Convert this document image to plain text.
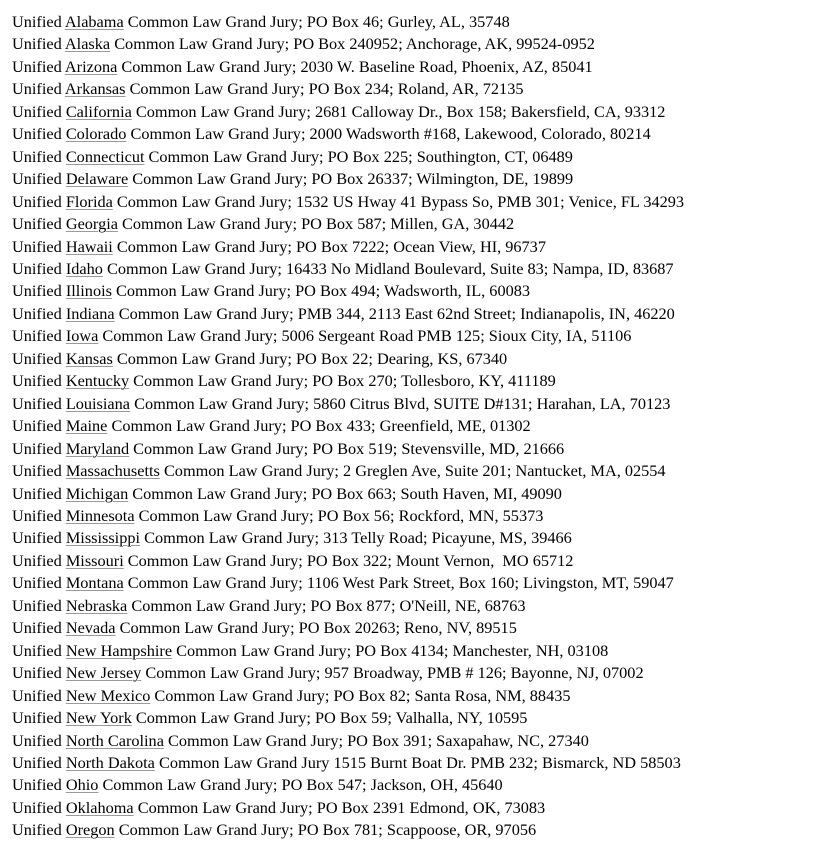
Unified Alabama Common Law Grand Jury; PO Box 46; Gurley, AL, 35748
Unified Alaska Common Law Grand Jury; PO Box 240952; Anchorage, AK, 99524-0952
Unified Arizona Common Law Grand Jury; 2030 W. Baseline Road, Phoenix, AZ, 85041
Unified Arkansas Common Law Grand Jury; PO Box 234; Roland, AR, 72135
Unified California Common Law Grand Jury; 2681 Calloway Dr., Box 158; Bakersfield, CA, 93312
Unified Colorado Common Law Grand Jury; 2000 Wadsworth #168, Lakewood, Colorado, 80214
Unified Connecticut Common Law Grand Jury; PO Box 225; Southington, CT, 06489
Unified Delaware Common Law Grand Jury; PO Box 26337; Wilmington, DE, 19899
Unified Florida Common Law Grand Jury; 1532 US Hway 41 Bypass So, PMB 301; Venice, FL 34293
Unified Georgia Common Law Grand Jury; PO Box 587; Millen, GA, 30442
Unified Hawaii Common Law Grand Jury; PO Box 7222; Ocean View, HI, 96737
Unified Idaho Common Law Grand Jury; 16433 No Midland Boulevard, Suite 83; Nampa, ID, 83687
Unified Illinois Common Law Grand Jury; PO Box 494; Wadsworth, IL, 60083
Unified Indiana Common Law Grand Jury; PMB 344, 2113 East 62nd Street; Indianapolis, IN, 46220
Unified Iowa Common Law Grand Jury; 5006 Sergeant Road PMB 125; Sioux City, IA, 51106
Unified Kansas Common Law Grand Jury; PO Box 22; Dearing, KS, 67340
Unified Kentucky Common Law Grand Jury; PO Box 270; Tollesboro, KY, 411189
Unified Louisiana Common Law Grand Jury; 5860 Citrus Blvd, SUITE D#131; Harahan, LA, 70123
Unified Maine Common Law Grand Jury; PO Box 433; Greenfield, ME, 01302
Unified Maryland Common Law Grand Jury; PO Box 519; Stevensville, MD, 21666
Unified Massachusetts Common Law Grand Jury; 2 Greglen Ave, Suite 201; Nantucket, MA, 02554
Unified Michigan Common Law Grand Jury; PO Box 663; South Haven, MI, 49090
Unified Minnesota Common Law Grand Jury; PO Box 56; Rockford, MN, 55373
Unified Mississippi Common Law Grand Jury; 313 Telly Road; Picayune, MS, 39466
Unified Missouri Common Law Grand Jury; PO Box 322; Mount Vernon,  MO 65712
Unified Montana Common Law Grand Jury; 1106 West Park Street, Box 160; Livingston, MT, 59047
Unified Nebraska Common Law Grand Jury; PO Box 877; O'Neill, NE, 68763
Unified Nevada Common Law Grand Jury; PO Box 20263; Reno, NV, 89515
Unified New Hampshire Common Law Grand Jury; PO Box 4134; Manchester, NH, 03108
Unified New Jersey Common Law Grand Jury; 957 Broadway, PMB # 126; Bayonne, NJ, 07002
Unified New Mexico Common Law Grand Jury; PO Box 82; Santa Rosa, NM, 88435
Unified New York Common Law Grand Jury; PO Box 59; Valhalla, NY, 10595
Unified North Carolina Common Law Grand Jury; PO Box 391; Saxapahaw, NC, 27340
Unified North Dakota Common Law Grand Jury 1515 Burnt Boat Dr. PMB 232; Bismarck, ND 58503
Unified Ohio Common Law Grand Jury; PO Box 547; Jackson, OH, 45640
Unified Oklahoma Common Law Grand Jury; PO Box 2391 Edmond, OK, 73083
Unified Oregon Common Law Grand Jury; PO Box 781; Scappoose, OR, 97056
